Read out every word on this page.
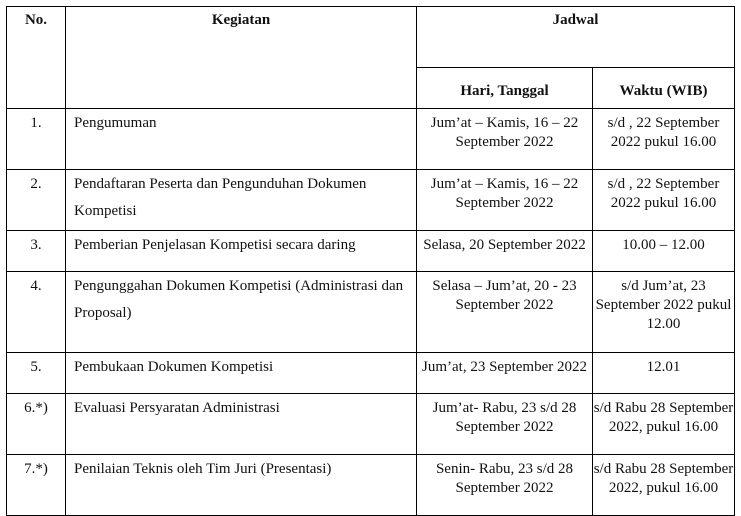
No.	Kegiatan	Jadwal	
		Hari, Tanggal	Waktu (WIB)
1.	Pengumuman	Jum’at – Kamis, 16 – 22 September 2022	s/d , 22 September 2022 pukul 16.00
2.	Pendaftaran Peserta dan Pengunduhan Dokumen Kompetisi	Jum’at – Kamis, 16 – 22 September 2022	s/d , 22 September 2022 pukul 16.00
3.	Pemberian Penjelasan Kompetisi secara daring	Selasa, 20 September 2022	10.00 – 12.00
4.	Pengunggahan Dokumen Kompetisi (Administrasi dan Proposal)	Selasa – Jum’at, 20 - 23 September 2022	s/d Jum’at, 23 September 2022 pukul 12.00
5.	Pembukaan Dokumen Kompetisi	Jum’at, 23 September 2022	12.01
6.*)	Evaluasi Persyaratan Administrasi	Jum’at- Rabu, 23 s/d 28 September 2022	s/d Rabu 28 September 2022, pukul 16.00
7.*)	Penilaian Teknis oleh Tim Juri (Presentasi)	Senin- Rabu, 23 s/d 28 September 2022	s/d Rabu 28 September 2022, pukul 16.00
